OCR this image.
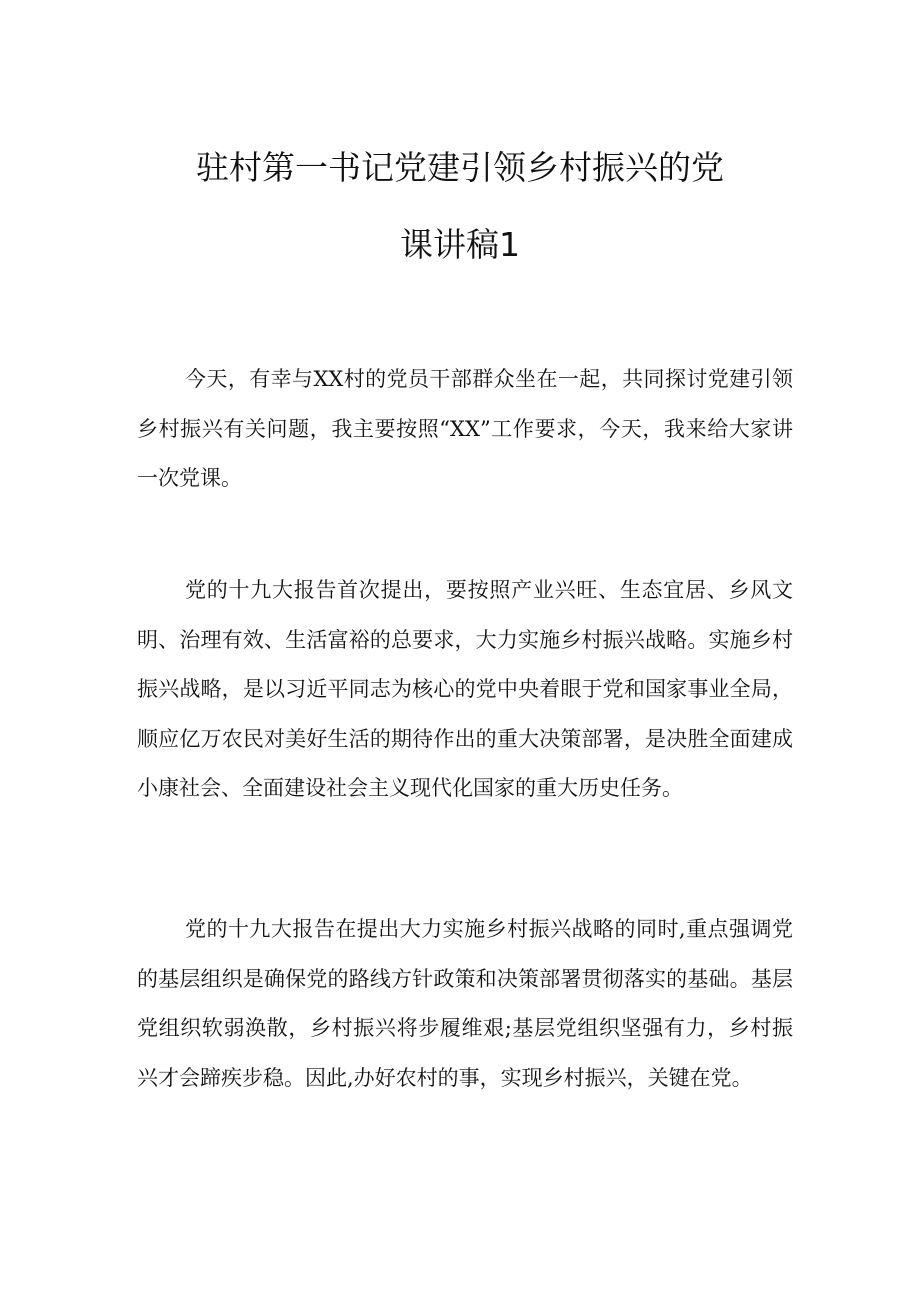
驻村第一书记党建引领乡村振兴的党
课讲稿1

今天，有幸与XX村的党员干部群众坐在一起，共同探讨党建引领乡村振兴有关问题，我主要按照“XX”工作要求，今天，我来给大家讲一次党课。

党的十九大报告首次提出，要按照产业兴旺、生态宜居、乡风文明、治理有效、生活富裕的总要求，大力实施乡村振兴战略。实施乡村振兴战略，是以习近平同志为核心的党中央着眼于党和国家事业全局，顺应亿万农民对美好生活的期待作出的重大决策部署，是决胜全面建成小康社会、全面建设社会主义现代化国家的重大历史任务。

党的十九大报告在提出大力实施乡村振兴战略的同时,重点强调党的基层组织是确保党的路线方针政策和决策部署贯彻落实的基础。基层党组织软弱涣散，乡村振兴将步履维艰;基层党组织坚强有力，乡村振兴才会蹄疾步稳。因此,办好农村的事，实现乡村振兴，关键在党。
